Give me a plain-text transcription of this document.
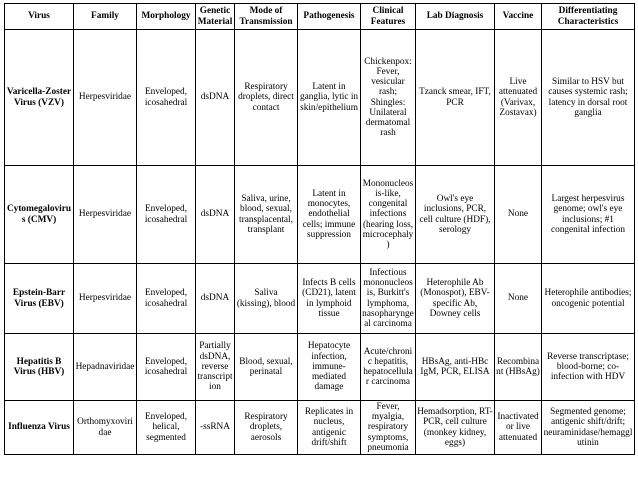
Virus	Family	Morphology	Genetic Material	Mode of Transmission	Pathogenesis	Clinical Features	Lab Diagnosis	Vaccine	Differentiating Characteristics
Varicella-Zoster Virus (VZV)	Herpesviridae	Enveloped, icosahedral	dsDNA	Respiratory droplets, direct contact	Latent in ganglia, lytic in skin/epithelium	Chickenpox: Fever, vesicular rash; Shingles: Unilateral dermatomal rash	Tzanck smear, IFT, PCR	Live attenuated (Varivax, Zostavax)	Similar to HSV but causes systemic rash; latency in dorsal root ganglia
Cytomegalovirus (CMV)	Herpesviridae	Enveloped, icosahedral	dsDNA	Saliva, urine, blood, sexual, transplacental, transplant	Latent in monocytes, endothelial cells; immune suppression	Mononucleosis-like, congenital infections (hearing loss, microcephaly)	Owl's eye inclusions, PCR, cell culture (HDF), serology	None	Largest herpesvirus genome; owl's eye inclusions; #1 congenital infection
Epstein-Barr Virus (EBV)	Herpesviridae	Enveloped, icosahedral	dsDNA	Saliva (kissing), blood	Infects B cells (CD21), latent in lymphoid tissue	Infectious mononucleosis, Burkitt's lymphoma, nasopharyngeal carcinoma	Heterophile Ab (Monospot), EBV-specific Ab, Downey cells	None	Heterophile antibodies; oncogenic potential
Hepatitis B Virus (HBV)	Hepadnaviridae	Enveloped, icosahedral	Partially dsDNA, reverse transcription	Blood, sexual, perinatal	Hepatocyte infection, immune-mediated damage	Acute/chronic hepatitis, hepatocellular carcinoma	HBsAg, anti-HBc IgM, PCR, ELISA	Recombinant (HBsAg)	Reverse transcriptase; blood-borne; co-infection with HDV
Influenza Virus	Orthomyxoviridae	Enveloped, helical, segmented	-ssRNA	Respiratory droplets, aerosols	Replicates in nucleus, antigenic drift/shift	Fever, myalgia, respiratory symptoms, pneumonia	Hemadsorption, RT-PCR, cell culture (monkey kidney, eggs)	Inactivated or live attenuated	Segmented genome; antigenic shift/drift; neuraminidase/hemagglutinin
